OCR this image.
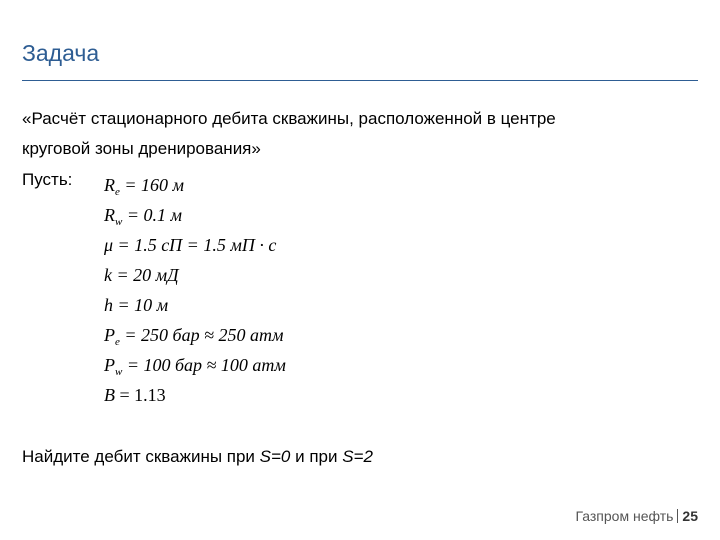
Задача
«Расчёт стационарного дебита скважины, расположенной в центре
круговой зоны дренирования»
Пусть: $R_e = 160$ м
$R_w = 0.1$ м
μ = 1.5 сП = 1.5 мП · с
k = 20 мД
h = 10 м
$P_e = 250$ бар ≈ 250 атм
$P_w = 100$ бар ≈ 100 атм
B = 1.13
Найдите дебит скважины при S=0 и при S=2
Газпром нефть 25
